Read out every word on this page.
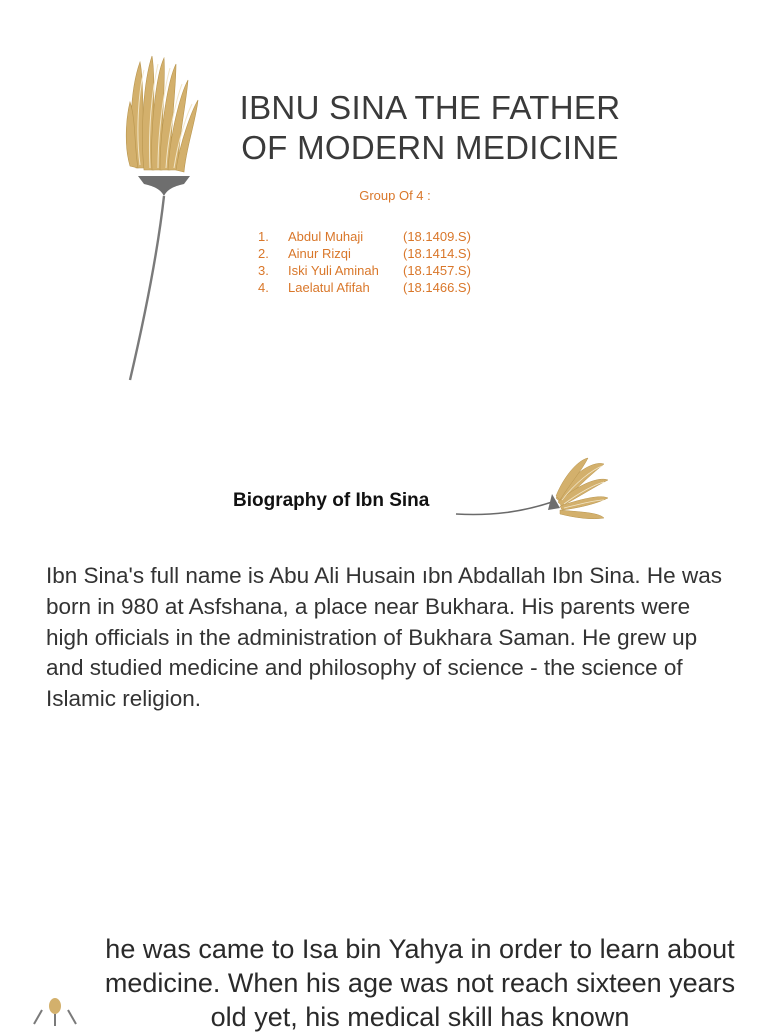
IBNU SINA THE FATHER
OF MODERN MEDICINE
Group Of 4 :
1.	Abdul Muhaji	(18.1409.S)
2.	Ainur Rizqi	(18.1414.S)
3.	Iski Yuli Aminah	(18.1457.S)
4.	Laelatul Afifah	(18.1466.S)
Biography of Ibn Sina
Ibn Sina's full name is Abu Ali Husain ıbn Abdallah Ibn Sina. He was born in 980 at Asfshana, a place near Bukhara. His parents were high officials in the administration of Bukhara Saman. He grew up and studied medicine and philosophy of science - the science of Islamic religion.
he was came to Isa bin Yahya in order to learn about medicine. When his age was not reach sixteen years old yet, his medical skill has known
